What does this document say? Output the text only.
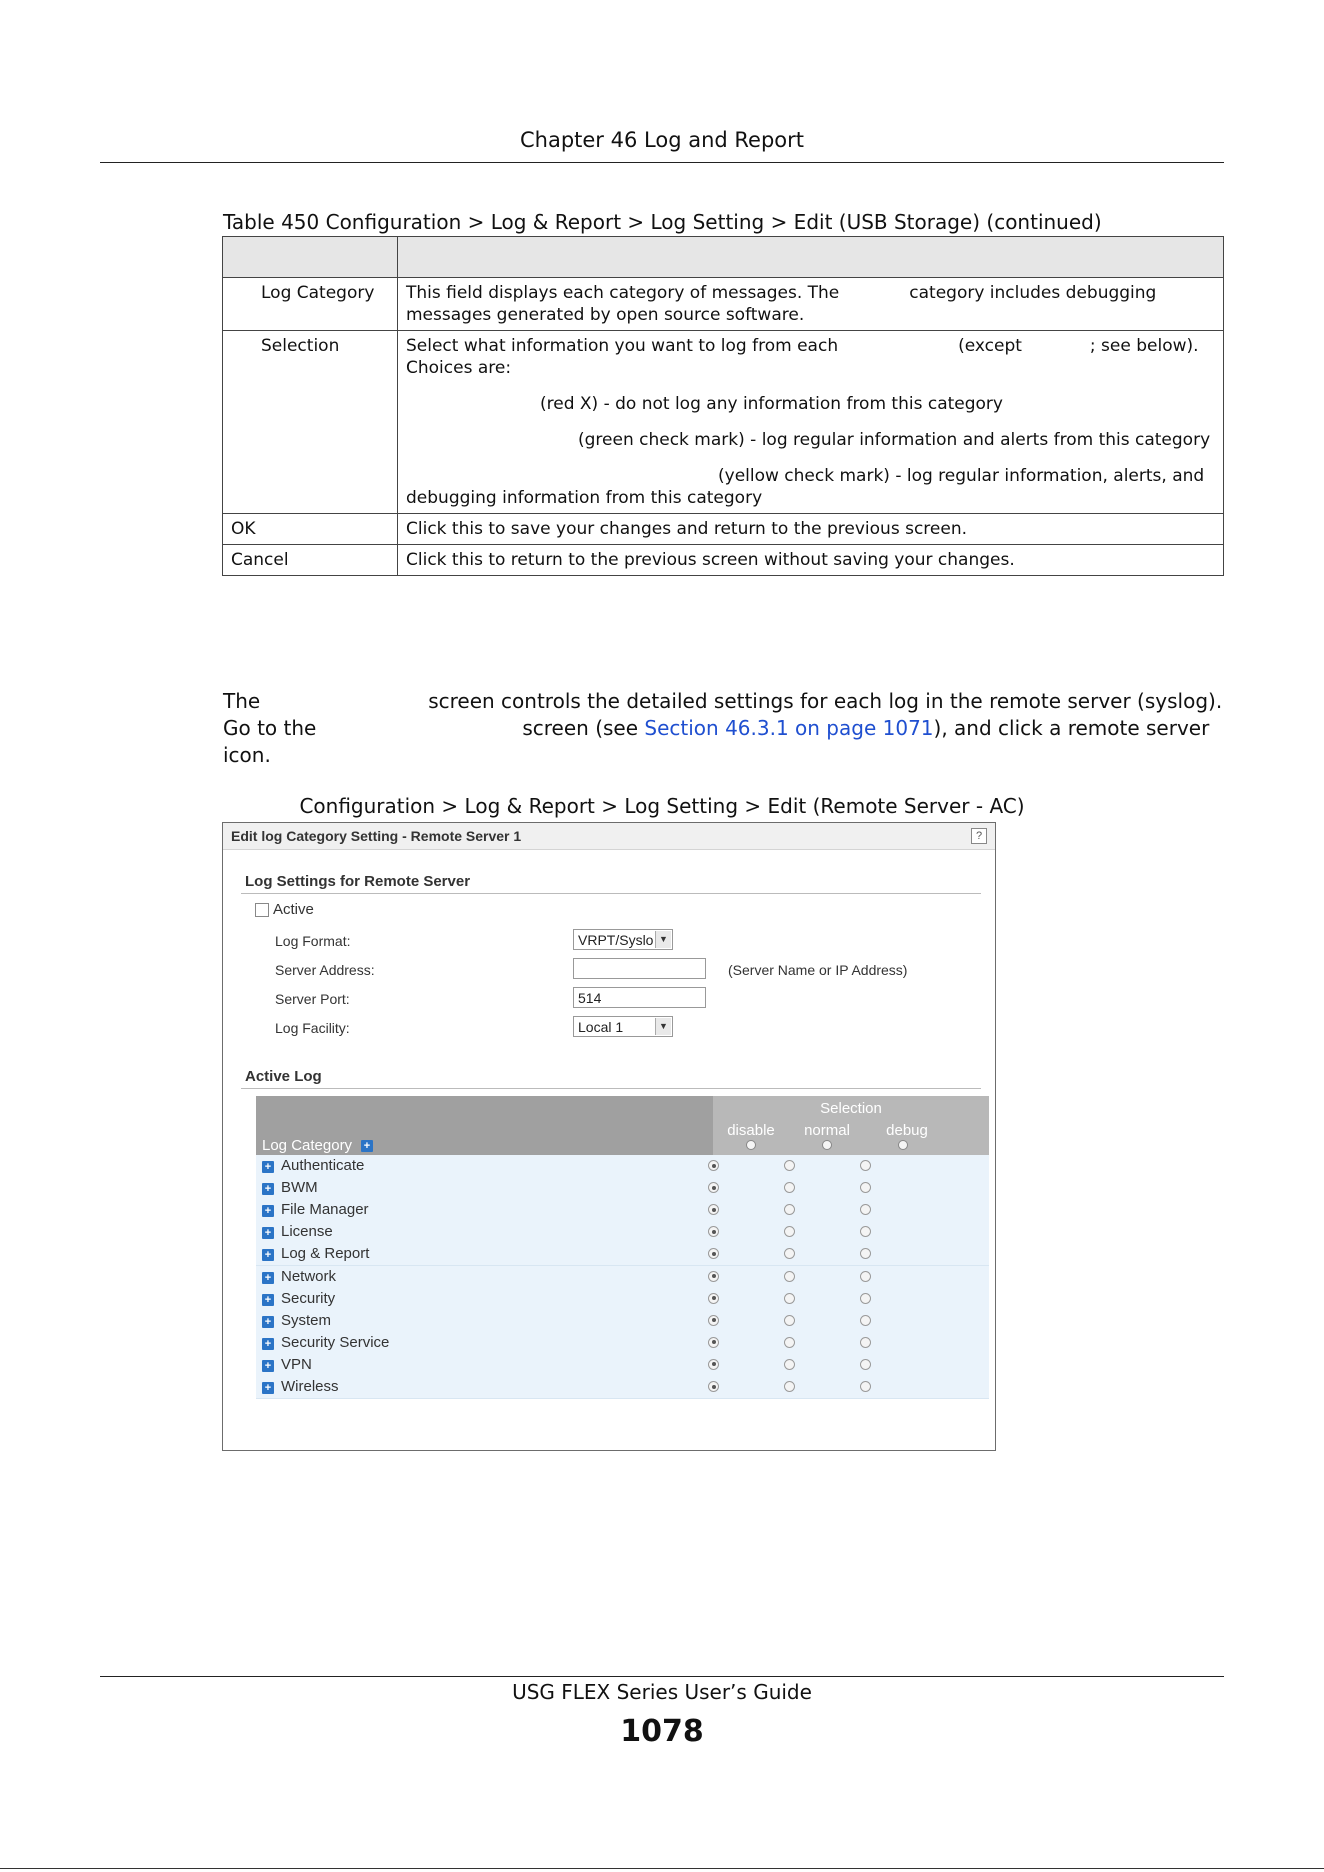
Chapter 46 Log and Report
Table 450 Configuration > Log & Report > Log Setting > Edit (USB Storage) (continued)

Log Category	This field displays each category of messages. The category includes debugging messages generated by open source software.
Selection	Select what information you want to log from each (except ; see below).
Choices are:

(red X) - do not log any information from this category

(green check mark) - log regular information and alerts from this category

(yellow check mark) - log regular information, alerts, and debugging information from this category

OK	Click this to save your changes and return to the previous screen.
Cancel	Click this to return to the previous screen without saving your changes.
The	screen controls the detailed settings for each log in the remote server (syslog). Go to the	screen (see Section 46.3.1 on page 1071), and click a remote server icon.
Configuration > Log & Report > Log Setting > Edit (Remote Server - AC)
Edit log Category Setting - Remote Server 1	?
Log Settings for Remote Server
Active
Log Format:	VRPT/Syslo ▼
Server Address:	(Server Name or IP Address)
Server Port:	514
Log Facility:	Local 1	▼
Active Log
Log Category +
Selection
disable	normal	debug
+ Authenticate
+ BWM
+ File Manager
+ License
+ Log & Report
+ Network
+ Security
+ System
+ Security Service
+ VPN
+ Wireless
USG FLEX Series User’s Guide
1078
